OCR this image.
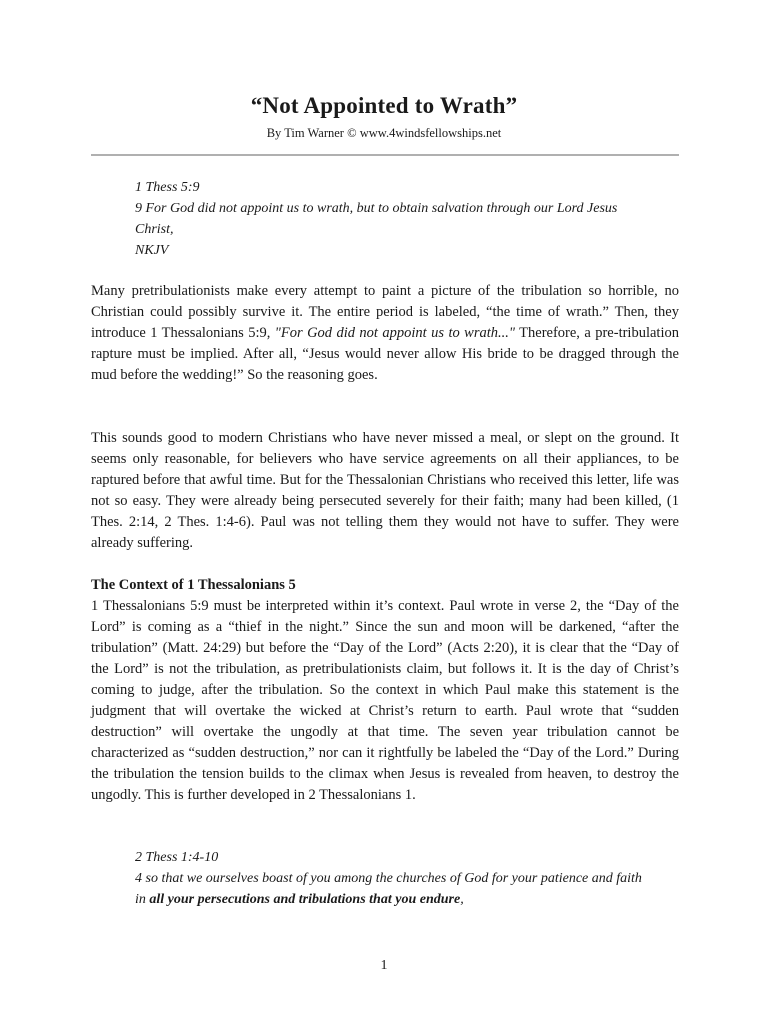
“Not Appointed to Wrath”
By Tim Warner © www.4windsfellowships.net

1 Thess 5:9

9 For God did not appoint us to wrath, but to obtain salvation through our Lord Jesus
Christ,

NKJV

Many pretribulationists make every attempt to paint a picture of the tribulation so horrible, no Christian could possibly survive it. The entire period is labeled, “the time of wrath.” Then, they introduce 1 Thessalonians 5:9, "For God did not appoint us to wrath..." Therefore, a pre-tribulation rapture must be implied. After all, “Jesus would never allow His bride to be dragged through the mud before the wedding!” So the reasoning goes.

This sounds good to modern Christians who have never missed a meal, or slept on the ground. It seems only reasonable, for believers who have service agreements on all their appliances, to be raptured before that awful time. But for the Thessalonian Christians who received this letter, life was not so easy. They were already being persecuted severely for their faith; many had been killed, (1 Thes. 2:14, 2 Thes. 1:4-6). Paul was not telling them they would not have to suffer. They were already suffering.

The Context of 1 Thessalonians 5

1 Thessalonians 5:9 must be interpreted within it’s context. Paul wrote in verse 2, the “Day of the Lord” is coming as a “thief in the night.” Since the sun and moon will be darkened, “after the tribulation” (Matt. 24:29) but before the “Day of the Lord” (Acts 2:20), it is clear that the “Day of the Lord” is not the tribulation, as pretribulationists claim, but follows it. It is the day of Christ’s coming to judge, after the tribulation. So the context in which Paul make this statement is the judgment that will overtake the wicked at Christ’s return to earth. Paul wrote that “sudden destruction” will overtake the ungodly at that time. The seven year tribulation cannot be characterized as “sudden destruction,” nor can it rightfully be labeled the “Day of the Lord.” During the tribulation the tension builds to the climax when Jesus is revealed from heaven, to destroy the ungodly. This is further developed in 2 Thessalonians 1.

2 Thess 1:4-10

4 so that we ourselves boast of you among the churches of God for your patience and faith
in all your persecutions and tribulations that you endure,

1
